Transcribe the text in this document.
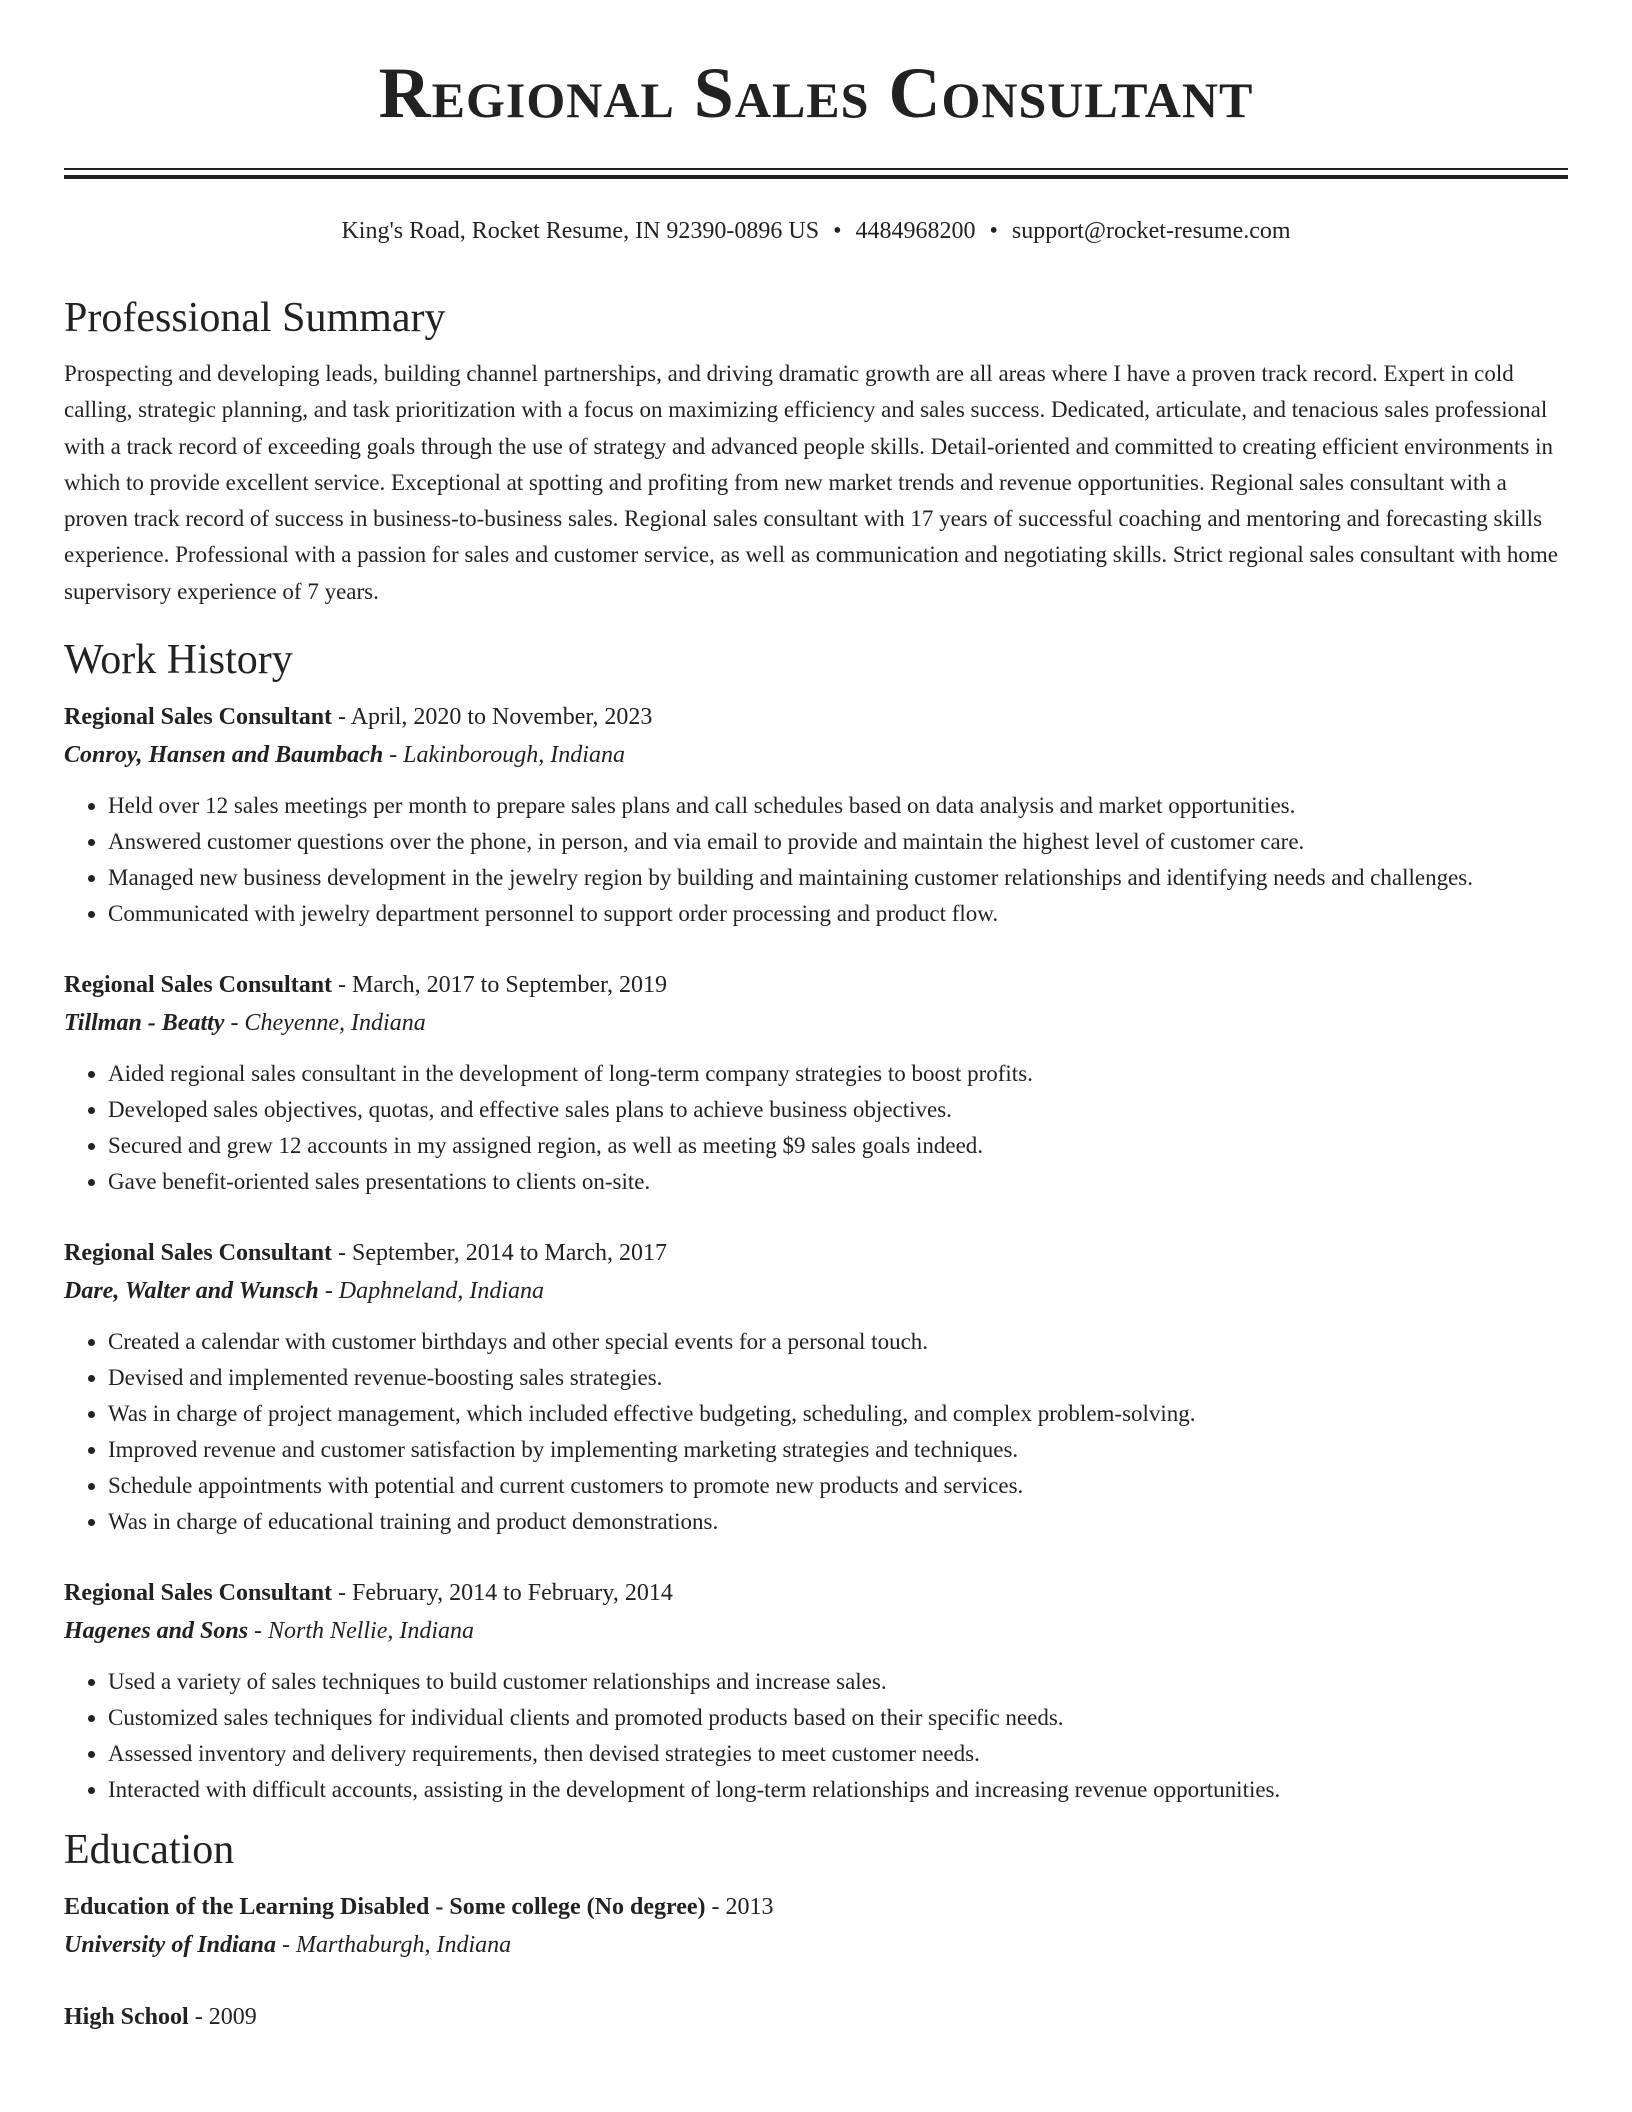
Regional Sales Consultant
King's Road, Rocket Resume, IN 92390-0896 US • 4484968200 • support@rocket-resume.com
Professional Summary

Prospecting and developing leads, building channel partnerships, and driving dramatic growth are all areas where I have a proven track record. Expert in cold calling, strategic planning, and task prioritization with a focus on maximizing efficiency and sales success. Dedicated, articulate, and tenacious sales professional with a track record of exceeding goals through the use of strategy and advanced people skills. Detail-oriented and committed to creating efficient environments in which to provide excellent service. Exceptional at spotting and profiting from new market trends and revenue opportunities. Regional sales consultant with a proven track record of success in business-to-business sales. Regional sales consultant with 17 years of successful coaching and mentoring and forecasting skills experience. Professional with a passion for sales and customer service, as well as communication and negotiating skills. Strict regional sales consultant with home supervisory experience of 7 years.

Work History
Regional Sales Consultant - April, 2020 to November, 2023
Conroy, Hansen and Baumbach - Lakinborough, Indiana
• Held over 12 sales meetings per month to prepare sales plans and call schedules based on data analysis and market opportunities.
• Answered customer questions over the phone, in person, and via email to provide and maintain the highest level of customer care.
• Managed new business development in the jewelry region by building and maintaining customer relationships and identifying needs and challenges.
• Communicated with jewelry department personnel to support order processing and product flow.
Regional Sales Consultant - March, 2017 to September, 2019
Tillman - Beatty - Cheyenne, Indiana
• Aided regional sales consultant in the development of long-term company strategies to boost profits.
• Developed sales objectives, quotas, and effective sales plans to achieve business objectives.
• Secured and grew 12 accounts in my assigned region, as well as meeting $9 sales goals indeed.
• Gave benefit-oriented sales presentations to clients on-site.
Regional Sales Consultant - September, 2014 to March, 2017
Dare, Walter and Wunsch - Daphneland, Indiana
• Created a calendar with customer birthdays and other special events for a personal touch.
• Devised and implemented revenue-boosting sales strategies.
• Was in charge of project management, which included effective budgeting, scheduling, and complex problem-solving.
• Improved revenue and customer satisfaction by implementing marketing strategies and techniques.
• Schedule appointments with potential and current customers to promote new products and services.
• Was in charge of educational training and product demonstrations.
Regional Sales Consultant - February, 2014 to February, 2014
Hagenes and Sons - North Nellie, Indiana
• Used a variety of sales techniques to build customer relationships and increase sales.
• Customized sales techniques for individual clients and promoted products based on their specific needs.
• Assessed inventory and delivery requirements, then devised strategies to meet customer needs.
• Interacted with difficult accounts, assisting in the development of long-term relationships and increasing revenue opportunities.
Education
Education of the Learning Disabled - Some college (No degree) - 2013
University of Indiana - Marthaburgh, Indiana
High School - 2009
